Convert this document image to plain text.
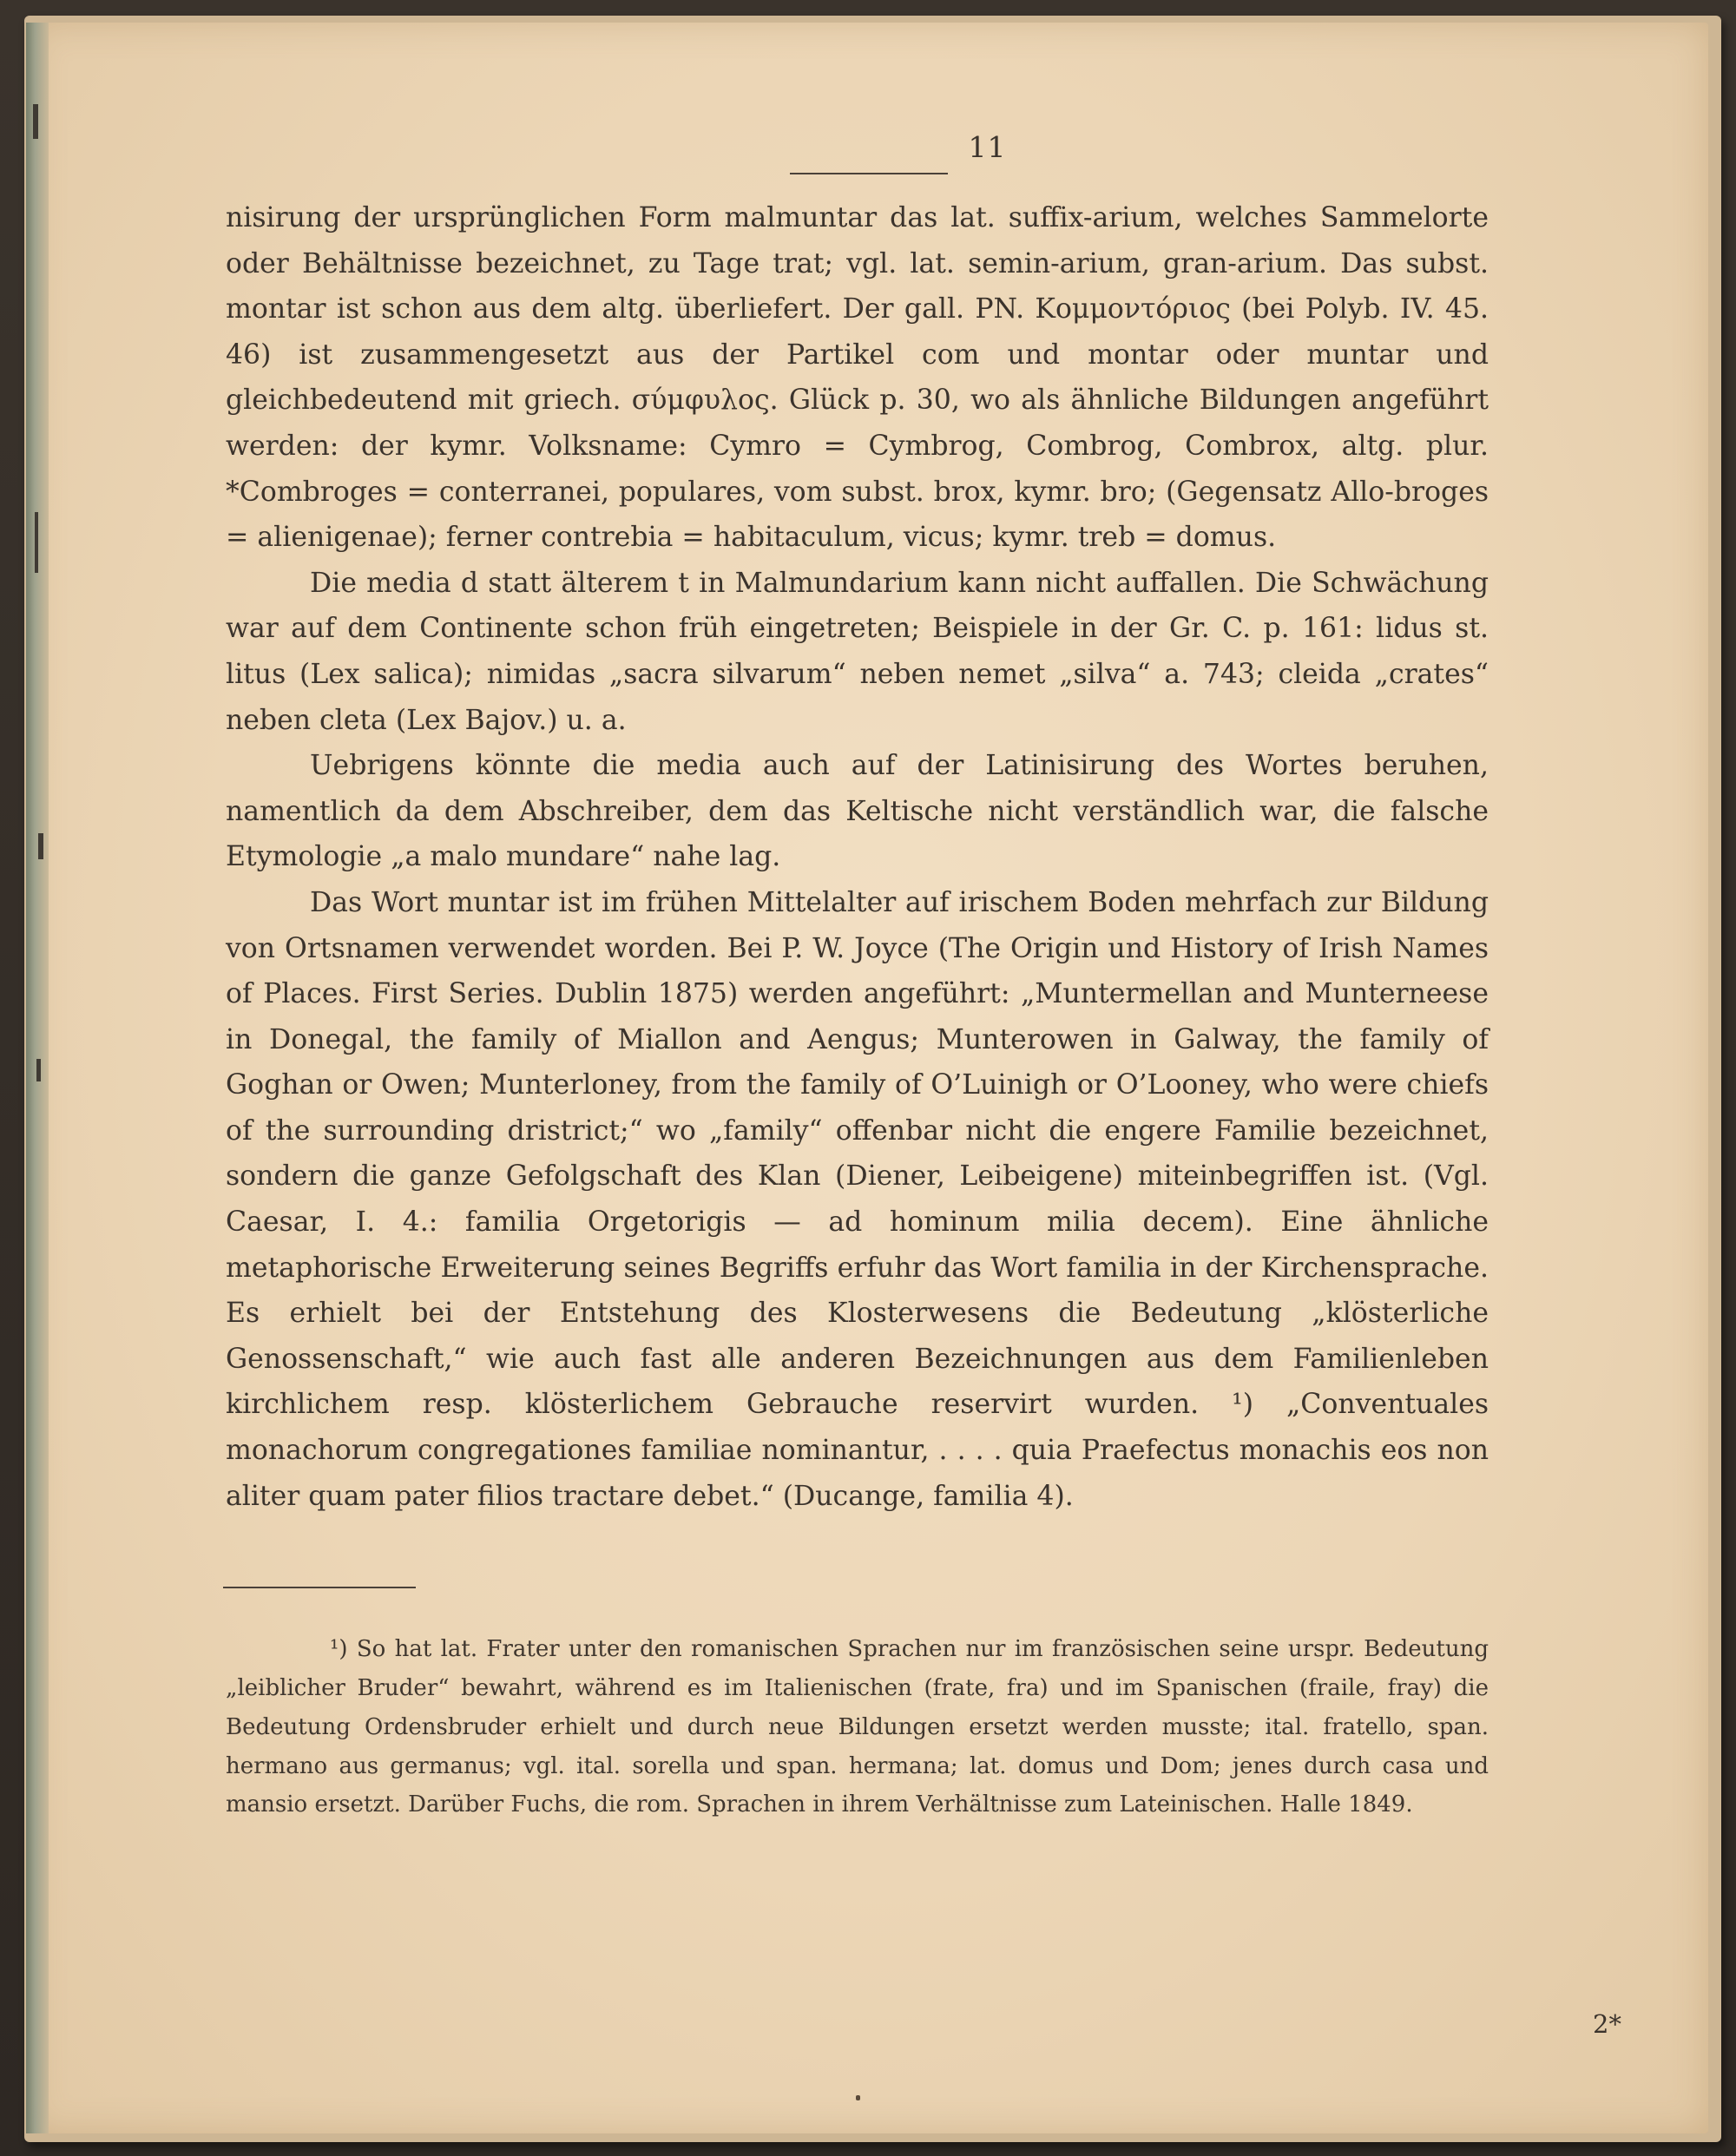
11

nisirung der ursprünglichen Form malmuntar das lat. suffix-arium, welches Sammelorte oder Behältnisse bezeichnet, zu Tage trat; vgl. lat. semin-arium, gran-arium. Das subst. montar ist schon aus dem altg. überliefert. Der gall. PN. Κομμοντόριος (bei Polyb. IV. 45. 46) ist zusammengesetzt aus der Partikel com und montar oder muntar und gleichbedeutend mit griech. σύμφυλος. Glück p. 30, wo als ähnliche Bildungen angeführt werden: der kymr. Volksname: Cymro = Cymbrog, Combrog, Combrox, altg. plur. *Combroges = conterranei, populares, vom subst. brox, kymr. bro; (Gegensatz Allo-broges = alienigenae); ferner contrebia = habitaculum, vicus; kymr. treb = domus.

Die media d statt älterem t in Malmundarium kann nicht auffallen. Die Schwächung war auf dem Continente schon früh eingetreten; Beispiele in der Gr. C. p. 161: lidus st. litus (Lex salica); nimidas „sacra silvarum“ neben nemet „silva“ a. 743; cleida „crates“ neben cleta (Lex Bajov.) u. a.

Uebrigens könnte die media auch auf der Latinisirung des Wortes beruhen, namentlich da dem Abschreiber, dem das Keltische nicht verständlich war, die falsche Etymologie „a malo mundare“ nahe lag.

Das Wort muntar ist im frühen Mittelalter auf irischem Boden mehrfach zur Bildung von Ortsnamen verwendet worden. Bei P. W. Joyce (The Origin und History of Irish Names of Places. First Series. Dublin 1875) werden angeführt: „Muntermellan and Munterneese in Donegal, the family of Miallon and Aengus; Munterowen in Galway, the family of Goghan or Owen; Munterloney, from the family of O’Luinigh or O’Looney, who were chiefs of the surrounding dristrict;“ wo „family“ offenbar nicht die engere Familie bezeichnet, sondern die ganze Gefolgschaft des Klan (Diener, Leibeigene) miteinbegriffen ist. (Vgl. Caesar, I. 4.: familia Orgetorigis — ad hominum milia decem). Eine ähnliche metaphorische Erweiterung seines Begriffs erfuhr das Wort familia in der Kirchensprache. Es erhielt bei der Entstehung des Klosterwesens die Bedeutung „klösterliche Genossenschaft,“ wie auch fast alle anderen Bezeichnungen aus dem Familienleben kirchlichem resp. klösterlichem Gebrauche reservirt wurden. ¹) „Conventuales monachorum congregationes familiae nominantur, . . . . quia Praefectus monachis eos non aliter quam pater filios tractare debet.“ (Ducange, familia 4).

¹) So hat lat. Frater unter den romanischen Sprachen nur im französischen seine urspr. Bedeutung „leiblicher Bruder“ bewahrt, während es im Italienischen (frate, fra) und im Spanischen (fraile, fray) die Bedeutung Ordensbruder erhielt und durch neue Bildungen ersetzt werden musste; ital. fratello, span. hermano aus germanus; vgl. ital. sorella und span. hermana; lat. domus und Dom; jenes durch casa und mansio ersetzt. Darüber Fuchs, die rom. Sprachen in ihrem Verhältnisse zum Lateinischen. Halle 1849.

2*
